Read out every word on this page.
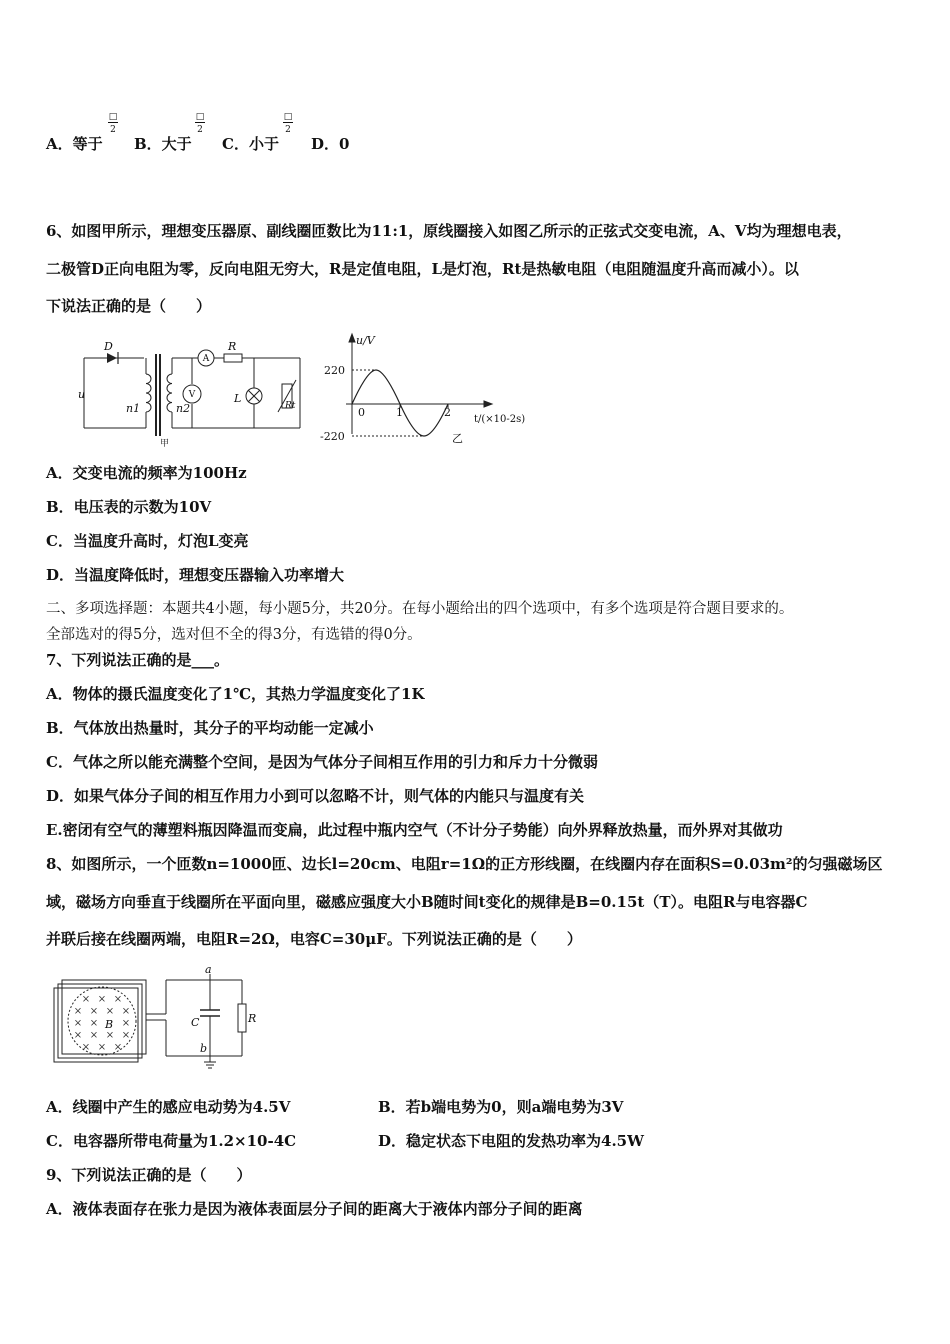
A．等于
□
2
B．大于
□
2
C．小于
□
2
D．0
6、如图甲所示，理想变压器原、副线圈匝数比为11:1，原线圈接入如图乙所示的正弦式交变电流，A、V均为理想电表，
二极管D正向电阻为零，反向电阻无穷大，R是定值电阻，L是灯泡，Rt是热敏电阻（电阻随温度升高而减小）。以
下说法正确的是（　　）
D
u
n1	n2
R
L
Rt
A
V
甲
u/V
220
-220
0	1	2
t/(×10-2s)
乙
A．交变电流的频率为100Hz
B．电压表的示数为10V
C．当温度升高时，灯泡L变亮
D．当温度降低时，理想变压器输入功率增大
二、多项选择题：本题共4小题，每小题5分，共20分。在每小题给出的四个选项中，有多个选项是符合题目要求的。
全部选对的得5分，选对但不全的得3分，有选错的得0分。
7、下列说法正确的是___。
A．物体的摄氏温度变化了1℃，其热力学温度变化了1K
B．气体放出热量时，其分子的平均动能一定减小
C．气体之所以能充满整个空间，是因为气体分子间相互作用的引力和斥力十分微弱
D．如果气体分子间的相互作用力小到可以忽略不计，则气体的内能只与温度有关
E.密闭有空气的薄塑料瓶因降温而变扁，此过程中瓶内空气（不计分子势能）向外界释放热量，而外界对其做功
8、如图所示，一个匝数n=1000匝、边长l=20cm、电阻r=1Ω的正方形线圈，在线圈内存在面积S=0.03m²的匀强磁场区
域，磁场方向垂直于线圈所在平面向里，磁感应强度大小B随时间t变化的规律是B=0.15t（T）。电阻R与电容器C
并联后接在线圈两端，电阻R=2Ω，电容C=30μF。下列说法正确的是（　　）
× × ×
× × × ×
× × ×
× × × ×
× × ×
a
b
B	C	R
A．线圈中产生的感应电动势为4.5V	B．若b端电势为0，则a端电势为3V
C．电容器所带电荷量为1.2×10-4C	D．稳定状态下电阻的发热功率为4.5W
9、下列说法正确的是（　　）
A．液体表面存在张力是因为液体表面层分子间的距离大于液体内部分子间的距离
